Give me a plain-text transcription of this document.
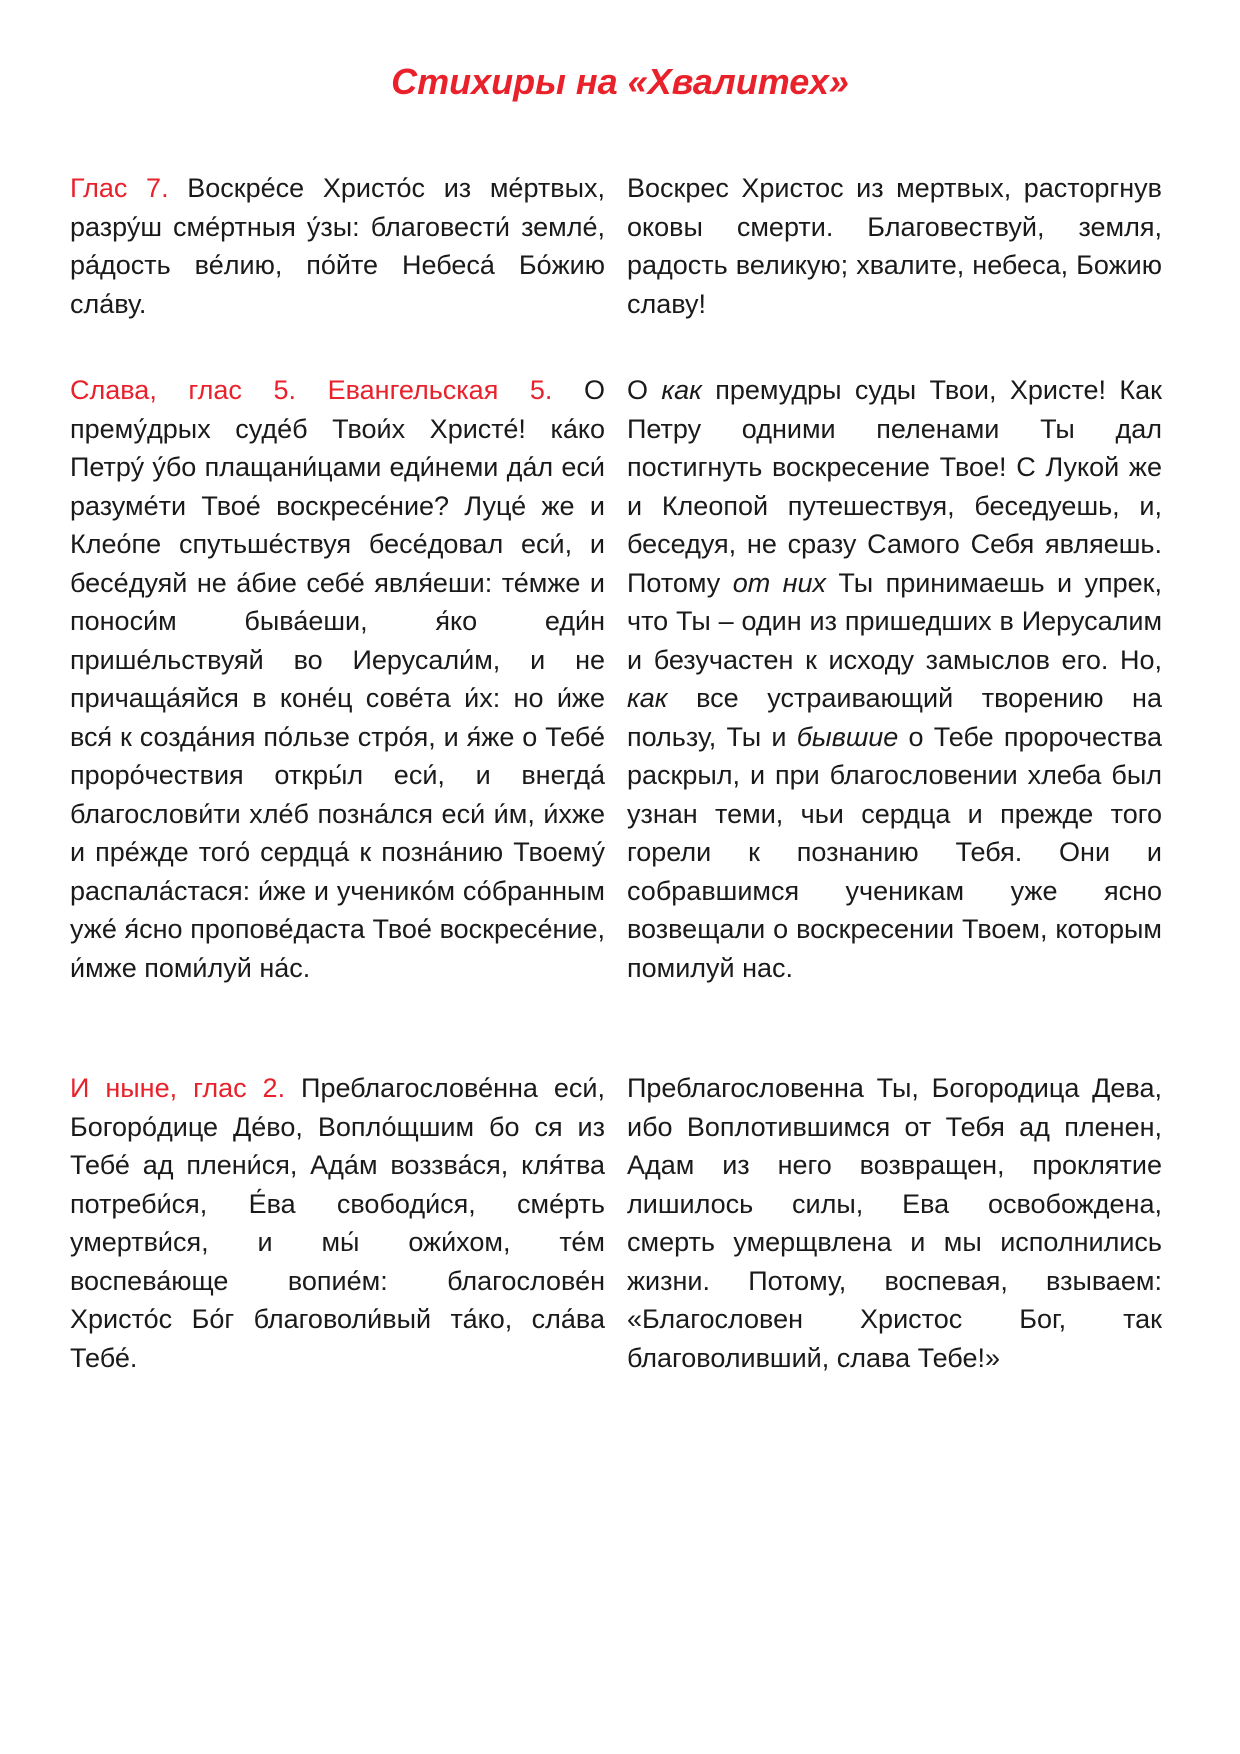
Стихиры на «Хвалитех»

Глас 7. Воскре́се Христо́с из ме́ртвых, разру́ш сме́ртныя у́зы: благовести́ земле́, ра́дость ве́лию, по́йте Небеса́ Бо́жию сла́ву.

Воскрес Христос из мертвых, расторгнув оковы смерти. Благовествуй, земля, радость великую; хвалите, небеса, Божию славу!

Слава, глас 5. Евангельская 5. О прему́дрых суде́б Твои́х Христе́! ка́ко Петру́ у́бо плащани́цами еди́неми да́л еси́ разуме́ти Твое́ воскресе́ние? Луце́ же и Клео́пе спутьше́ствуя бесе́довал еси́, и бесе́дуяй не а́бие себе́ явля́еши: те́мже и поноси́м быва́еши, я́ко еди́н пришéльствуяй во Иерусали́м, и не причаща́яйся в коне́ц сове́та и́х: но и́же вся́ к созда́ния по́льзе стро́я, и я́же о Тебе́ проро́чествия откры́л еси́, и внегда́ благослови́ти хле́б позна́лся еси́ и́м, и́хже и пре́жде того́ сердца́ к позна́нию Твоему́ распала́стася: и́же и ученико́м со́бранным уже́ я́сно пропове́даста Твое́ воскресе́ние, и́мже поми́луй на́с.

О как премудры суды Твои, Христе! Как Петру одними пеленами Ты дал постигнуть воскресение Твое! С Лукой же и Клеопой путешествуя, беседуешь, и, беседуя, не сразу Самого Себя являешь. Потому от них Ты принимаешь и упрек, что Ты – один из пришедших в Иерусалим и безучастен к исходу замыслов его. Но, как все устраивающий творению на пользу, Ты и бывшие о Тебе пророчества раскрыл, и при благословении хлеба был узнан теми, чьи сердца и прежде того горели к познанию Тебя. Они и собравшимся ученикам уже ясно возвещали о воскресении Твоем, которым помилуй нас.

И ныне, глас 2. Преблагослове́нна еси́, Богоро́дице Де́во, Вопло́щшим бо ся из Тебе́ ад плени́ся, Ада́м воззва́ся, кля́тва потреби́ся, Е́ва свободи́ся, сме́рть умертви́ся, и мы́ ожи́хом, те́м воспева́юще вопие́м: благослове́н Христо́с Бо́г благоволи́вый та́ко, сла́ва Тебе́.

Преблагословенна Ты, Богородица Дева, ибо Воплотившимся от Тебя ад пленен, Адам из него возвращен, проклятие лишилось силы, Ева освобождена, смерть умерщвлена и мы исполнились жизни. Потому, воспевая, взываем: «Благословен Христос Бог, так благоволивший, слава Тебе!»
